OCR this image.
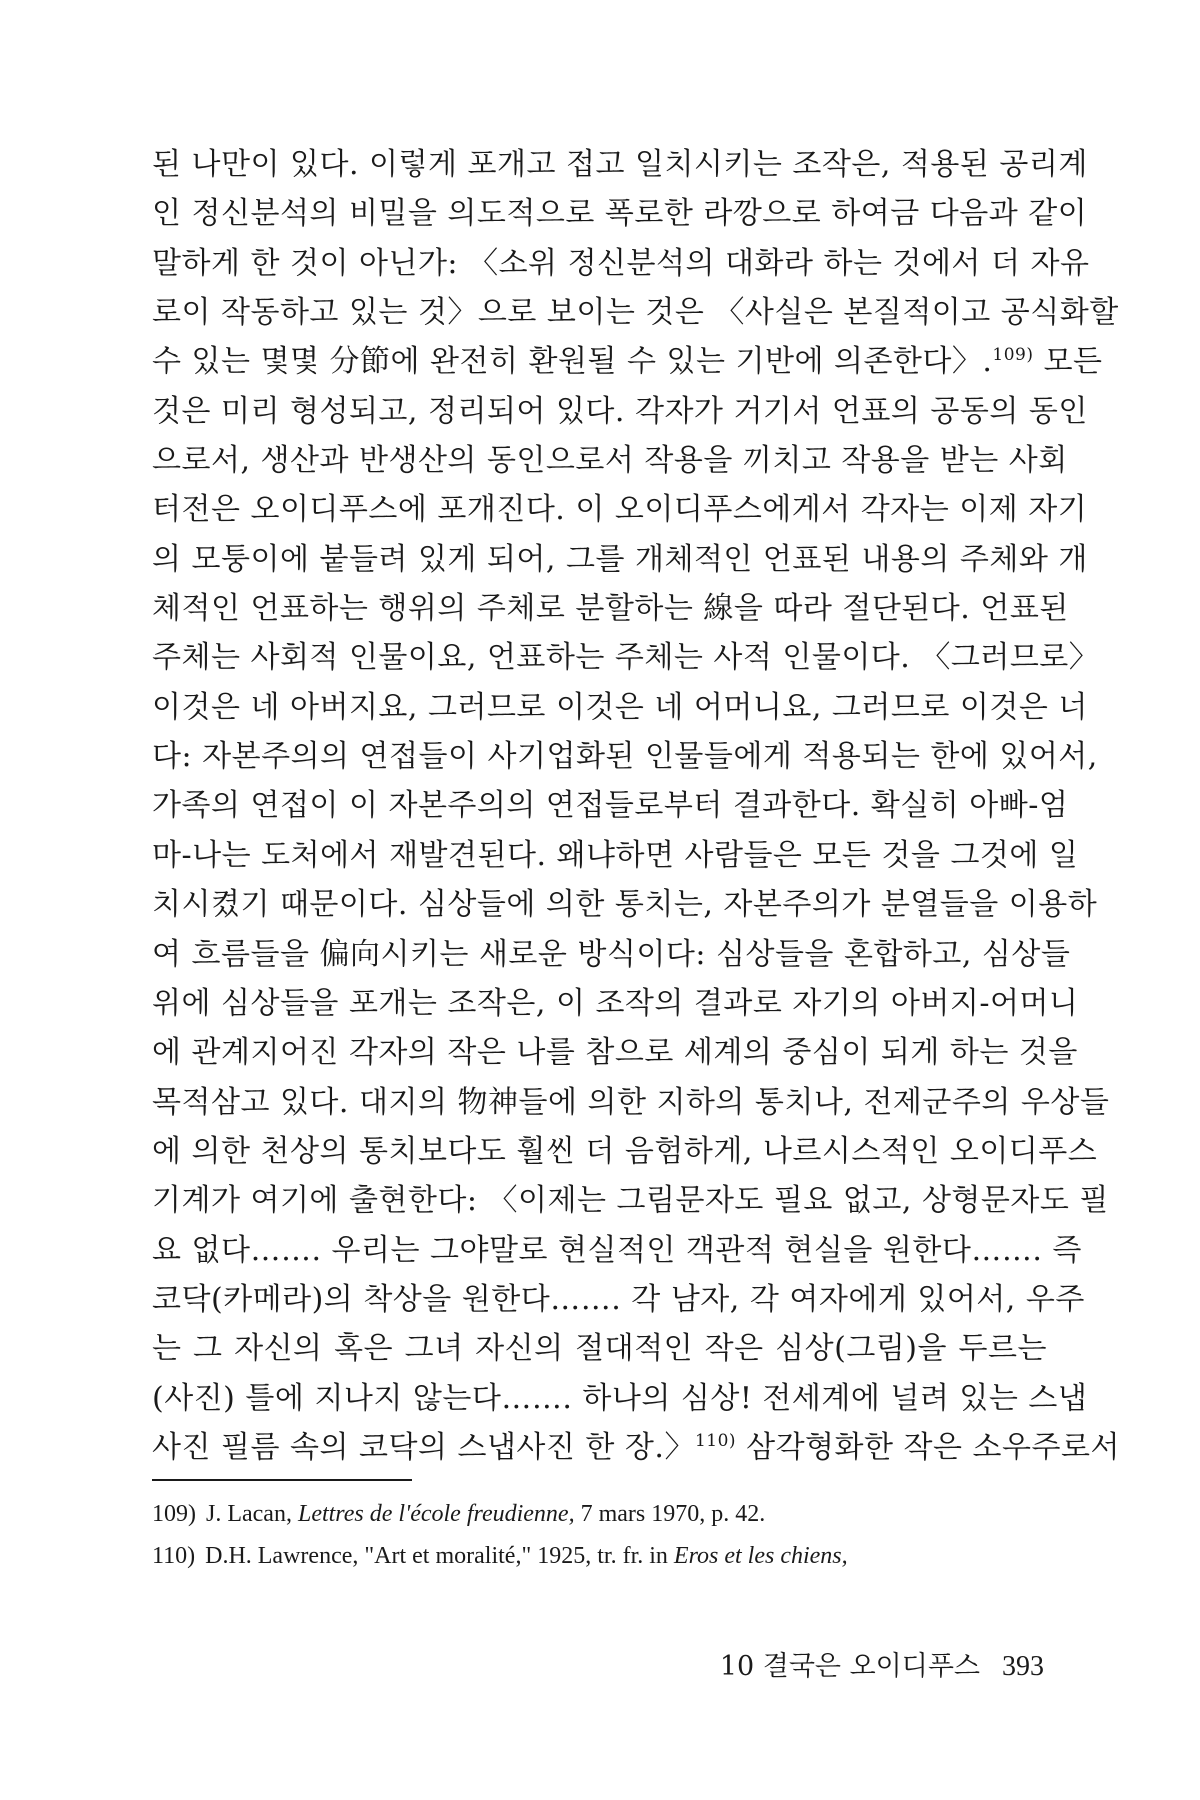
된 나만이 있다. 이렇게 포개고 접고 일치시키는 조작은, 적용된 공리계
인 정신분석의 비밀을 의도적으로 폭로한 라깡으로 하여금 다음과 같이
말하게 한 것이 아닌가: 〈소위 정신분석의 대화라 하는 것에서 더 자유
로이 작동하고 있는 것〉으로 보이는 것은 〈사실은 본질적이고 공식화할
수 있는 몇몇 分節에 완전히 환원될 수 있는 기반에 의존한다〉.$^{109)}$ 모든
것은 미리 형성되고, 정리되어 있다. 각자가 거기서 언표의 공동의 동인
으로서, 생산과 반생산의 동인으로서 작용을 끼치고 작용을 받는 사회
터전은 오이디푸스에 포개진다. 이 오이디푸스에게서 각자는 이제 자기
의 모퉁이에 붙들려 있게 되어, 그를 개체적인 언표된 내용의 주체와 개
체적인 언표하는 행위의 주체로 분할하는 線을 따라 절단된다. 언표된
주체는 사회적 인물이요, 언표하는 주체는 사적 인물이다. 〈그러므로〉
이것은 네 아버지요, 그러므로 이것은 네 어머니요, 그러므로 이것은 너
다: 자본주의의 연접들이 사기업화된 인물들에게 적용되는 한에 있어서,
가족의 연접이 이 자본주의의 연접들로부터 결과한다. 확실히 아빠-엄
마-나는 도처에서 재발견된다. 왜냐하면 사람들은 모든 것을 그것에 일
치시켰기 때문이다. 심상들에 의한 통치는, 자본주의가 분열들을 이용하
여 흐름들을 偏向시키는 새로운 방식이다: 심상들을 혼합하고, 심상들
위에 심상들을 포개는 조작은, 이 조작의 결과로 자기의 아버지-어머니
에 관계지어진 각자의 작은 나를 참으로 세계의 중심이 되게 하는 것을
목적삼고 있다. 대지의 物神들에 의한 지하의 통치나, 전제군주의 우상들
에 의한 천상의 통치보다도 훨씬 더 음험하게, 나르시스적인 오이디푸스
기계가 여기에 출현한다: 〈이제는 그림문자도 필요 없고, 상형문자도 필
요 없다……. 우리는 그야말로 현실적인 객관적 현실을 원한다……. 즉
코닥(카메라)의 착상을 원한다……. 각 남자, 각 여자에게 있어서, 우주
는 그 자신의 혹은 그녀 자신의 절대적인 작은 심상(그림)을 두르는
(사진) 틀에 지나지 않는다……. 하나의 심상! 전세계에 널려 있는 스냅
사진 필름 속의 코닥의 스냅사진 한 장.〉$^{110)}$ 삼각형화한 작은 소우주로서
109) J. Lacan, Lettres de l'école freudienne, 7 mars 1970, p. 42.
110) D.H. Lawrence, "Art et moralité," 1925, tr. fr. in Eros et les chiens,
10 결국은 오이디푸스 393
